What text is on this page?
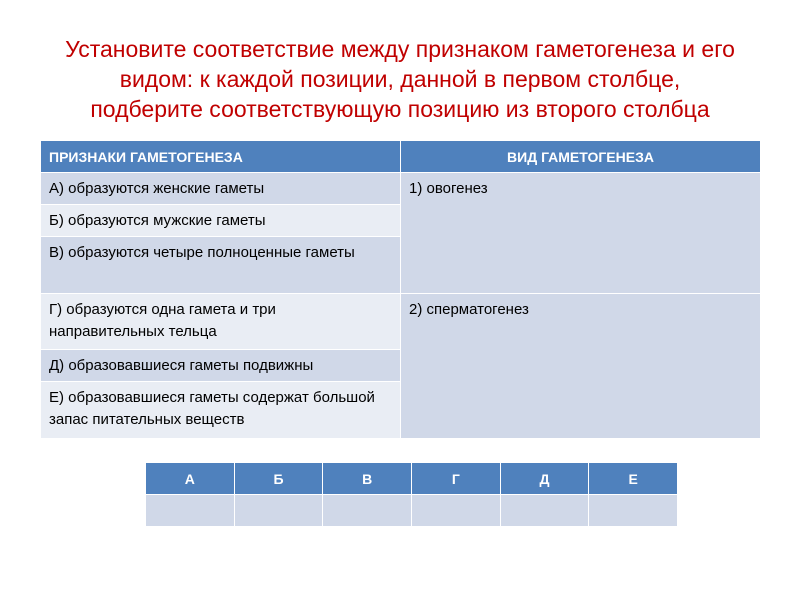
Установите соответствие между признаком гаметогенеза и его
видом: к каждой позиции, данной в первом столбце,
подберите соответствующую позицию из второго столбца
ПРИЗНАКИ ГАМЕТОГЕНЕЗА	ВИД ГАМЕТОГЕНЕЗА
А) образуются женские гаметы	1) овогенез
Б) образуются мужские гаметы	
В) образуются четыре полноценные гаметы	
Г) образуются одна гамета и три направительных тельца	2) сперматогенез
Д) образовавшиеся гаметы подвижны	
Е) образовавшиеся гаметы содержат большой запас питательных веществ	
А	Б	В	Г	Д	Е
